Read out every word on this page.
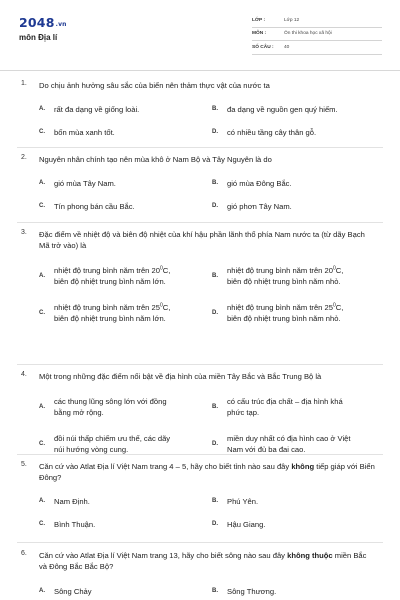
2048.vn
môn Địa lí
LỚP :	Lớp 12
MÔN :	Ôn thi khoa học xã hội
SỐ CÂU :	40
1. Do chịu ảnh hưởng sâu sắc của biển nên thảm thực vật của nước ta
A. rất đa dạng về giống loài.	B. đa dạng về nguồn gen quý hiếm.
C. bốn mùa xanh tốt.	D. có nhiều tầng cây thân gỗ.
2. Nguyên nhân chính tạo nên mùa khô ở Nam Bộ và Tây Nguyên là do
A. gió mùa Tây Nam.	B. gió mùa Đông Bắc.
C. Tín phong bán cầu Bắc.	D. gió phơn Tây Nam.
3. Đặc điểm về nhiệt độ và biên độ nhiệt của khí hậu phần lãnh thổ phía Nam nước ta (từ dãy Bạch Mã trở vào) là
A.
nhiệt độ trung bình năm trên $20^0C$,
biên độ nhiệt trung bình năm lớn.
B.
nhiệt độ trung bình năm trên $20^0C$,
biên độ nhiệt trung bình năm nhỏ.
C.
nhiệt độ trung bình năm trên $25^0C$,
biên độ nhiệt trung bình năm lớn.
D.
nhiệt độ trung bình năm trên $25^0C$,
biên độ nhiệt trung bình năm nhỏ.
4. Một trong những đặc điểm nổi bật về địa hình của miền Tây Bắc và Bắc Trung Bộ là
A.
các thung lũng sông lớn với đồng
bằng mở rộng.
B.
có cấu trúc địa chất – địa hình khá
phức tạp.
C.
đồi núi thấp chiếm ưu thế, các dãy
núi hướng vòng cung.
D.
miền duy nhất có địa hình cao ở Việt
Nam với đủ ba đai cao.
5. Căn cứ vào Atlat Địa lí Việt Nam trang 4 – 5, hãy cho biết tỉnh nào sau đây không tiếp giáp với Biển Đông?
A. Nam Định.	B. Phú Yên.
C. Bình Thuận.	D. Hậu Giang.
6. Căn cứ vào Atlat Địa lí Việt Nam trang 13, hãy cho biết sông nào sau đây không thuộc miền Bắc và Đông Bắc Bắc Bộ?
A. Sông Chảy	B. Sông Thương.
